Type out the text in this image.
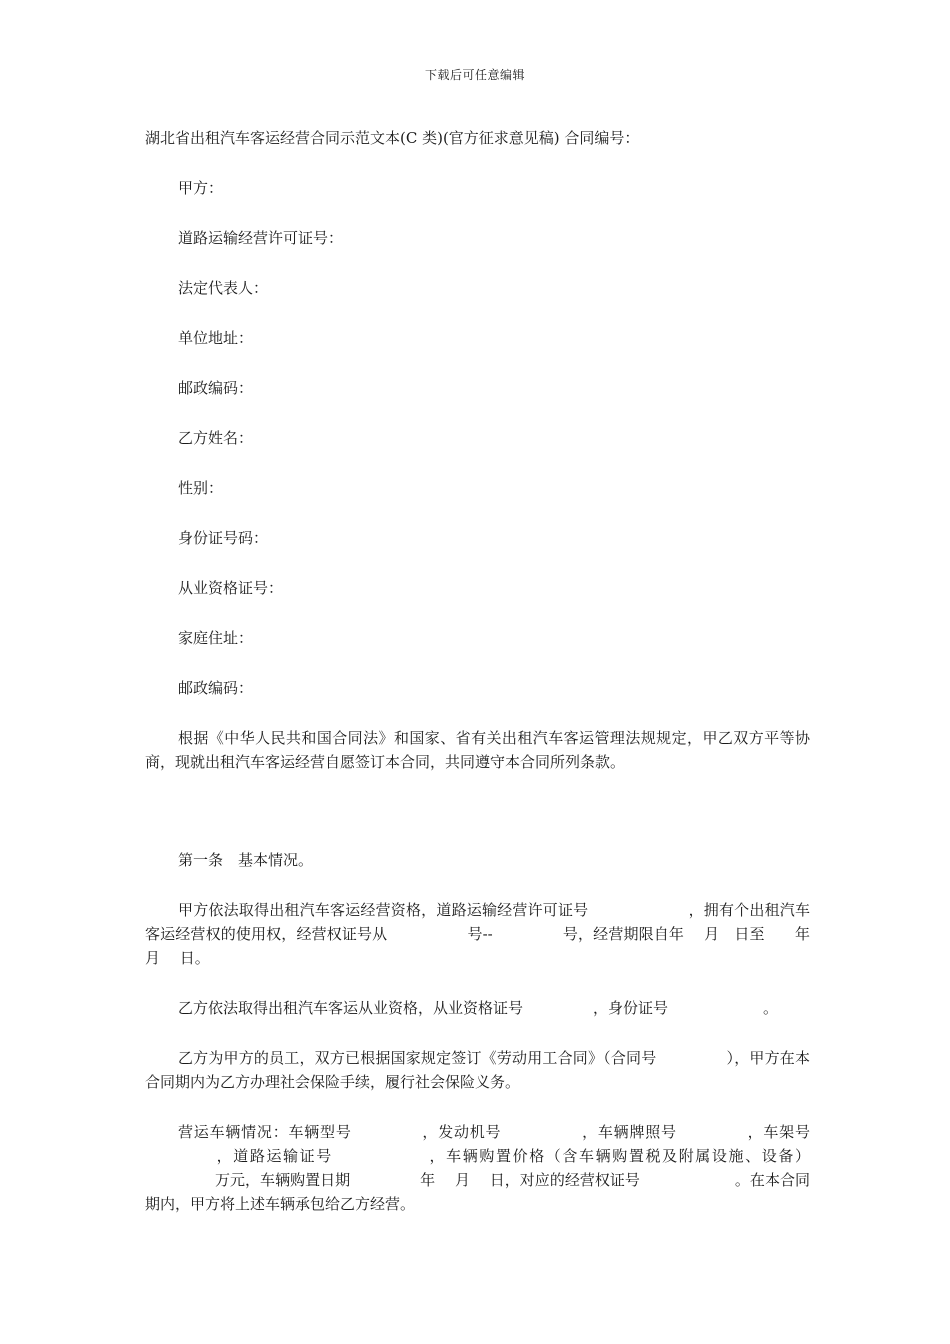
下载后可任意编辑

湖北省出租汽车客运经营合同示范文本(C 类)(官方征求意见稿) 合同编号：

甲方：
道路运输经营许可证号：
法定代表人：
单位地址：
邮政编码：
乙方姓名：
性别：
身份证号码：
从业资格证号：
家庭住址：
邮政编码：

根据《中华人民共和国合同法》和国家、省有关出租汽车客运管理法规规定，甲乙双方平等协商，现就出租汽车客运经营自愿签订本合同，共同遵守本合同所列条款。

第一条　基本情况。

甲方依法取得出租汽车客运经营资格，道路运输经营许可证号	，拥有个出租汽车客运经营权的使用权，经营权证号从	号--	号，经营期限自年　 月　日至　　年　 月　 日。

乙方依法取得出租汽车客运从业资格，从业资格证号	，身份证号	。

乙方为甲方的员工，双方已根据国家规定签订《劳动用工合同》（合同号	），甲方在本合同期内为乙方办理社会保险手续，履行社会保险义务。

营运车辆情况：车辆型号	，发动机号	，车辆牌照号	，车架号，道路运输证号	，车辆购置价格（含车辆购置税及附属设施、设备）万元，车辆购置日期	年　 月　 日，对应的经营权证号	。在本合同期内，甲方将上述车辆承包给乙方经营。
